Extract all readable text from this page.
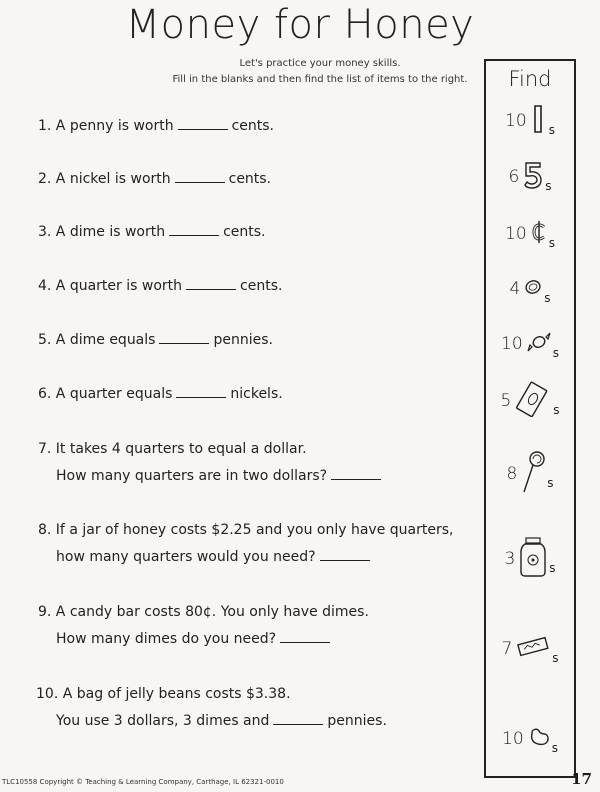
Money for Honey
Let's practice your money skills.
Fill in the blanks and then find the list of items to the right.
1. A penny is worth	cents.
2. A nickel is worth	cents.
3. A dime is worth	cents.
4. A quarter is worth	cents.
5. A dime equals	pennies.
6. A quarter equals	nickels.
7. It takes 4 quarters to equal a dollar.
How many quarters are in two dollars?
8. If a jar of honey costs $2.25 and you only have quarters,
how many quarters would you need?
9. A candy bar costs 80¢. You only have dimes.
How many dimes do you need?
10. A bag of jelly beans costs $3.38.
You use 3 dollars, 3 dimes and	pennies.
Find
10 s
6 s
10 s
4 s
10	s
5	s
8	s
3	s
7	s
10 s
TLC10558 Copyright © Teaching & Learning Company, Carthage, IL 62321-0010	17
